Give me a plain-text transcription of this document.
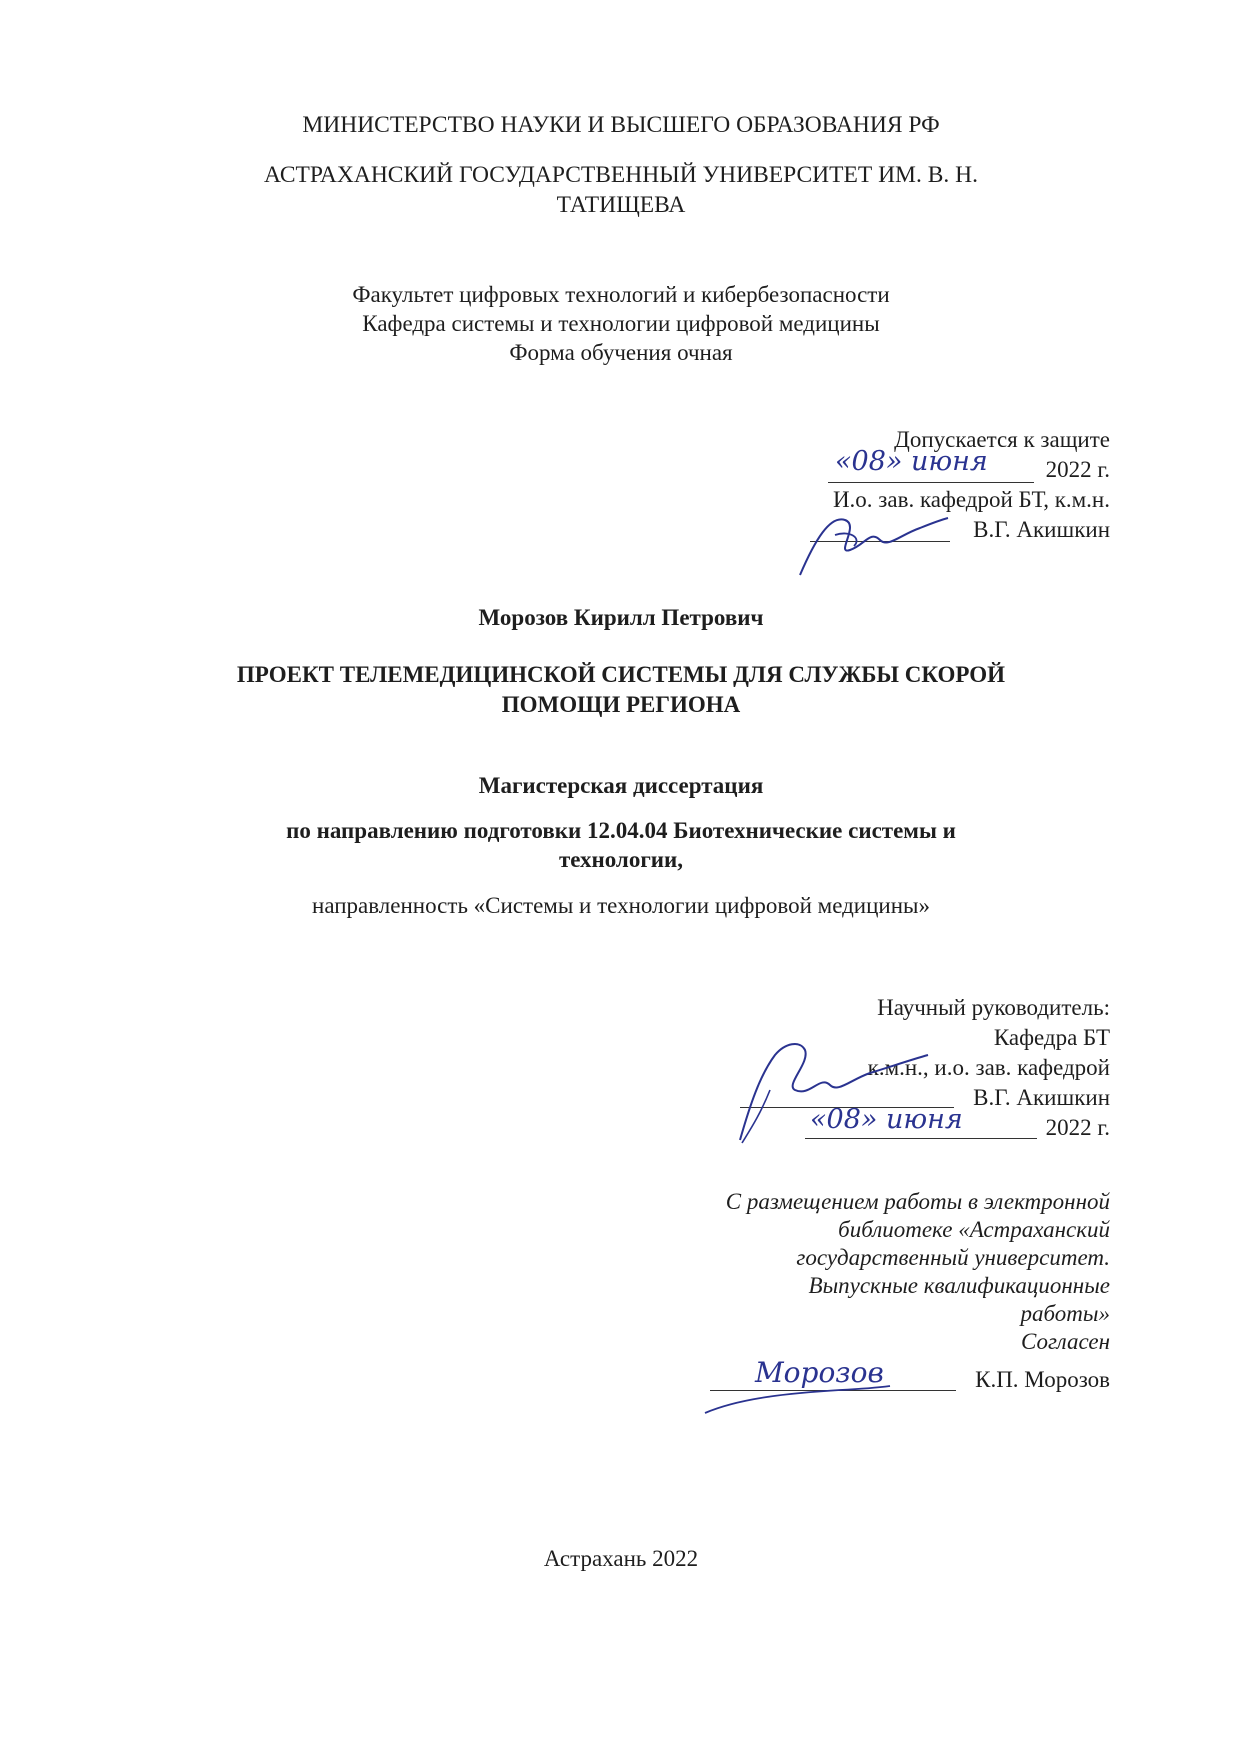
МИНИСТЕРСТВО НАУКИ И ВЫСШЕГО ОБРАЗОВАНИЯ РФ
АСТРАХАНСКИЙ ГОСУДАРСТВЕННЫЙ УНИВЕРСИТЕТ ИМ. В. Н.
ТАТИЩЕВА
Факультет цифровых технологий и кибербезопасности
Кафедра системы и технологии цифровой медицины
Форма обучения очная
Допускается к защите
2022 г.
И.о. зав. кафедрой БТ, к.м.н.
В.Г. Акишкин
«08» июня
Морозов Кирилл Петрович
ПРОЕКТ ТЕЛЕМЕДИЦИНСКОЙ СИСТЕМЫ ДЛЯ СЛУЖБЫ СКОРОЙ
ПОМОЩИ РЕГИОНА
Магистерская диссертация
по направлению подготовки 12.04.04 Биотехнические системы и
технологии,
направленность «Системы и технологии цифровой медицины»
Научный руководитель:
Кафедра БТ
к.м.н., и.о. зав. кафедрой
В.Г. Акишкин
2022 г.
«08» июня
С размещением работы в электронной
библиотеке «Астраханский
государственный университет.
Выпускные квалификационные
работы»
Согласен
К.П. Морозов
Морозов
Астрахань 2022
